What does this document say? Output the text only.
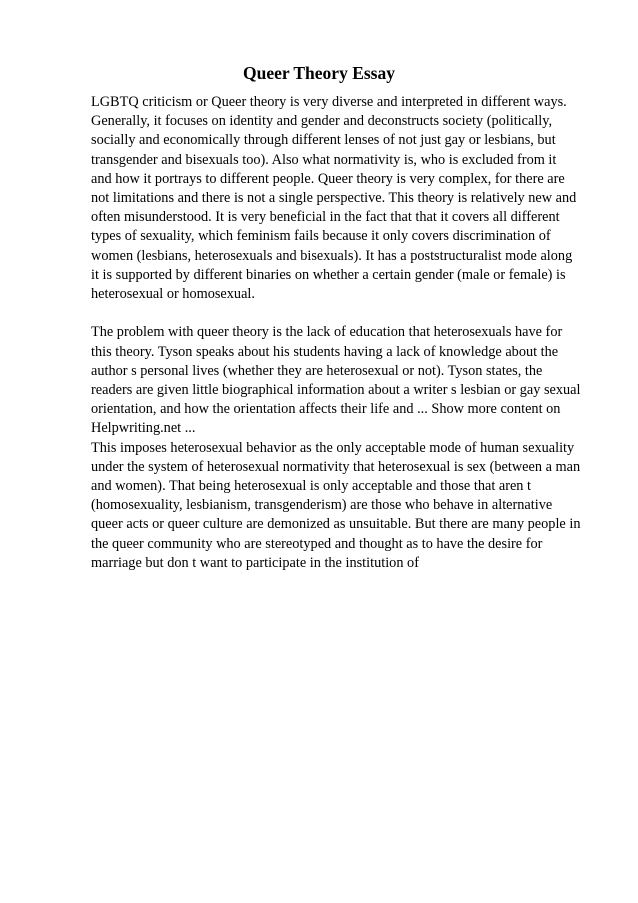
Queer Theory Essay
LGBTQ criticism or Queer theory is very diverse and interpreted in different ways.
Generally, it focuses on identity and gender and deconstructs society (politically,
socially and economically through different lenses of not just gay or lesbians, but
transgender and bisexuals too). Also what normativity is, who is excluded from it
and how it portrays to different people. Queer theory is very complex, for there are
not limitations and there is not a single perspective. This theory is relatively new and
often misunderstood. It is very beneficial in the fact that that it covers all different
types of sexuality, which feminism fails because it only covers discrimination of
women (lesbians, heterosexuals and bisexuals). It has a poststructuralist mode along
it is supported by different binaries on whether a certain gender (male or female) is
heterosexual or homosexual.
The problem with queer theory is the lack of education that heterosexuals have for
this theory. Tyson speaks about his students having a lack of knowledge about the
author s personal lives (whether they are heterosexual or not). Tyson states, the
readers are given little biographical information about a writer s lesbian or gay sexual
orientation, and how the orientation affects their life and ... Show more content on
Helpwriting.net ...
This imposes heterosexual behavior as the only acceptable mode of human sexuality
under the system of heterosexual normativity that heterosexual is sex (between a man
and women). That being heterosexual is only acceptable and those that aren t
(homosexuality, lesbianism, transgenderism) are those who behave in alternative
queer acts or queer culture are demonized as unsuitable. But there are many people in
the queer community who are stereotyped and thought as to have the desire for
marriage but don t want to participate in the institution of
